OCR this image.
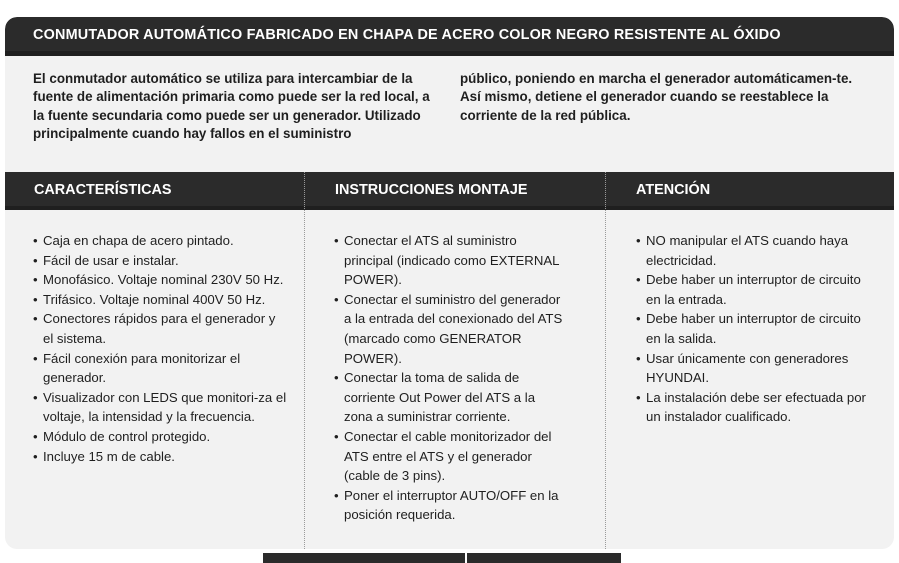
CONMUTADOR AUTOMÁTICO FABRICADO EN CHAPA DE ACERO COLOR NEGRO RESISTENTE AL ÓXIDO
El conmutador automático se utiliza para intercambiar de la fuente de alimentación primaria como puede ser la red local, a la fuente secundaria como puede ser un generador. Utilizado principalmente cuando hay fallos en el suministro
público, poniendo en marcha el generador automáticamen-te. Así mismo, detiene el generador cuando se reestablece la corriente de la red pública.
CARACTERÍSTICAS	INSTRUCCIONES MONTAJE	ATENCIÓN
• Caja en chapa de acero pintado.
• Fácil de usar e instalar.
• Monofásico. Voltaje nominal 230V 50 Hz.
• Trifásico. Voltaje nominal 400V 50 Hz.
• Conectores rápidos para el generador y el sistema.
• Fácil conexión para monitorizar el generador.
• Visualizador con LEDS que monitori-za el voltaje, la intensidad y la frecuencia.
• Módulo de control protegido.
• Incluye 15 m de cable.
• Conectar el ATS al suministro principal (indicado como EXTERNAL POWER).
• Conectar el suministro del generador a la entrada del conexionado del ATS (marcado como GENERATOR POWER).
• Conectar la toma de salida de corriente Out Power del ATS a la zona a suministrar corriente.
• Conectar el cable monitorizador del ATS entre el ATS y el generador (cable de 3 pins).
• Poner el interruptor AUTO/OFF en la posición requerida.
• NO manipular el ATS cuando haya electricidad.
• Debe haber un interruptor de circuito en la entrada.
• Debe haber un interruptor de circuito en la salida.
• Usar únicamente con generadores HYUNDAI.
• La instalación debe ser efectuada por un instalador cualificado.
